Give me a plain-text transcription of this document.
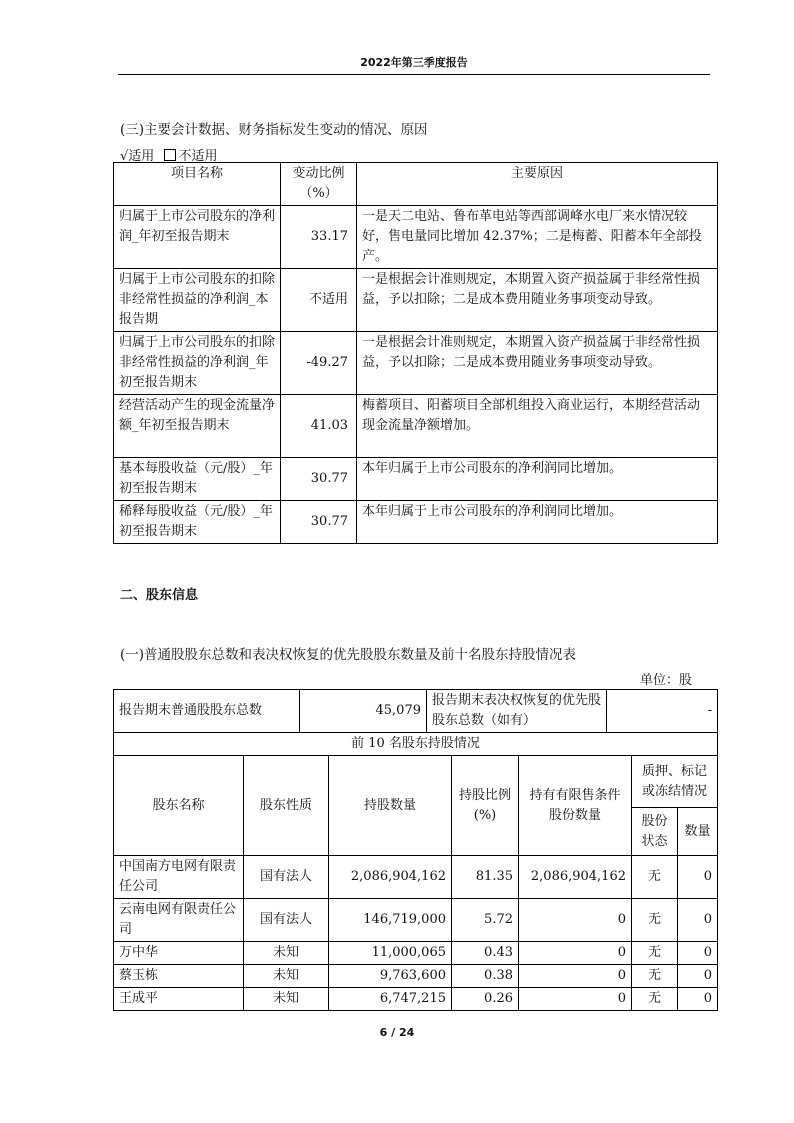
2022年第三季度报告
(三)主要会计数据、财务指标发生变动的情况、原因
√适用 不适用
项目名称	变动比例（%）	主要原因
归属于上市公司股东的净利润_年初至报告期末	33.17	一是天二电站、鲁布革电站等西部调峰水电厂来水情况较好，售电量同比增加 42.37%；二是梅蓄、阳蓄本年全部投产。
归属于上市公司股东的扣除非经常性损益的净利润_本报告期	不适用	一是根据会计准则规定，本期置入资产损益属于非经常性损益，予以扣除；二是成本费用随业务事项变动导致。
归属于上市公司股东的扣除非经常性损益的净利润_年初至报告期末	-49.27	一是根据会计准则规定，本期置入资产损益属于非经常性损益，予以扣除；二是成本费用随业务事项变动导致。
经营活动产生的现金流量净额_年初至报告期末	41.03	梅蓄项目、阳蓄项目全部机组投入商业运行，本期经营活动现金流量净额增加。
基本每股收益（元/股）_年初至报告期末	30.77	本年归属于上市公司股东的净利润同比增加。
稀释每股收益（元/股）_年初至报告期末	30.77	本年归属于上市公司股东的净利润同比增加。
二、股东信息
(一)普通股股东总数和表决权恢复的优先股股东数量及前十名股东持股情况表
单位：股
报告期末普通股股东总数	45,079	报告期末表决权恢复的优先股股东总数（如有）	-
前 10 名股东持股情况						
股东名称	股东性质	持股数量	持股比例(%)	持有有限售条件股份数量	质押、标记或冻结情况	
					股份状态	数量
中国南方电网有限责任公司	国有法人	2,086,904,162	81.35	2,086,904,162	无	0
云南电网有限责任公司	国有法人	146,719,000	5.72	0	无	0
万中华	未知	11,000,065	0.43	0	无	0
蔡玉栋	未知	9,763,600	0.38	0	无	0
王成平	未知	6,747,215	0.26	0	无	0
6 / 24
